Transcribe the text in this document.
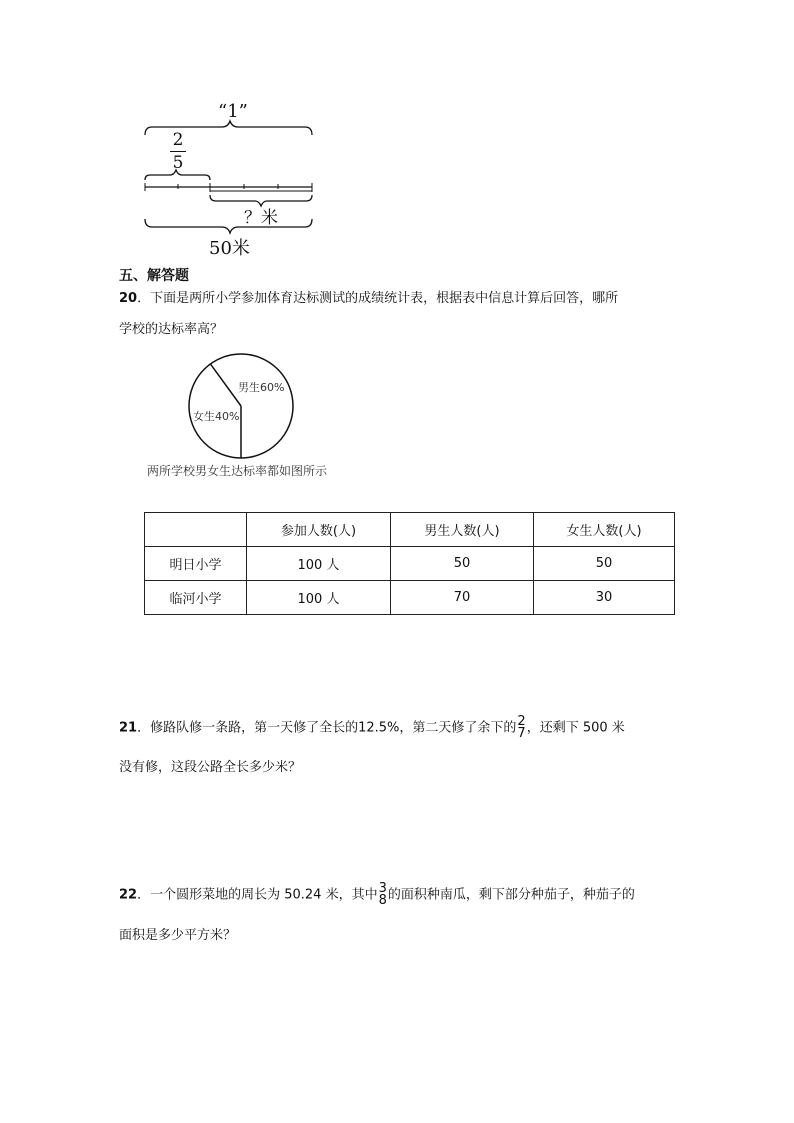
“1”
2
5
？米
50米
五、解答题
20．下面是两所小学参加体育达标测试的成绩统计表，根据表中信息计算后回答，哪所
学校的达标率高？
男生60%
女生40%
两所学校男女生达标率都如图所示
	参加人数(人)	男生人数(人)	女生人数(人)
明日小学	100 人	50	50
临河小学	100 人	70	30
21．修路队修一条路，第一天修了全长的12.5%，第二天修了余下的 2
7 ，还剩下 500 米
没有修，这段公路全长多少米？
22．一个圆形菜地的周长为 50.24 米，其中 3
8 的面积种南瓜，剩下部分种茄子，种茄子的
面积是多少平方米？
